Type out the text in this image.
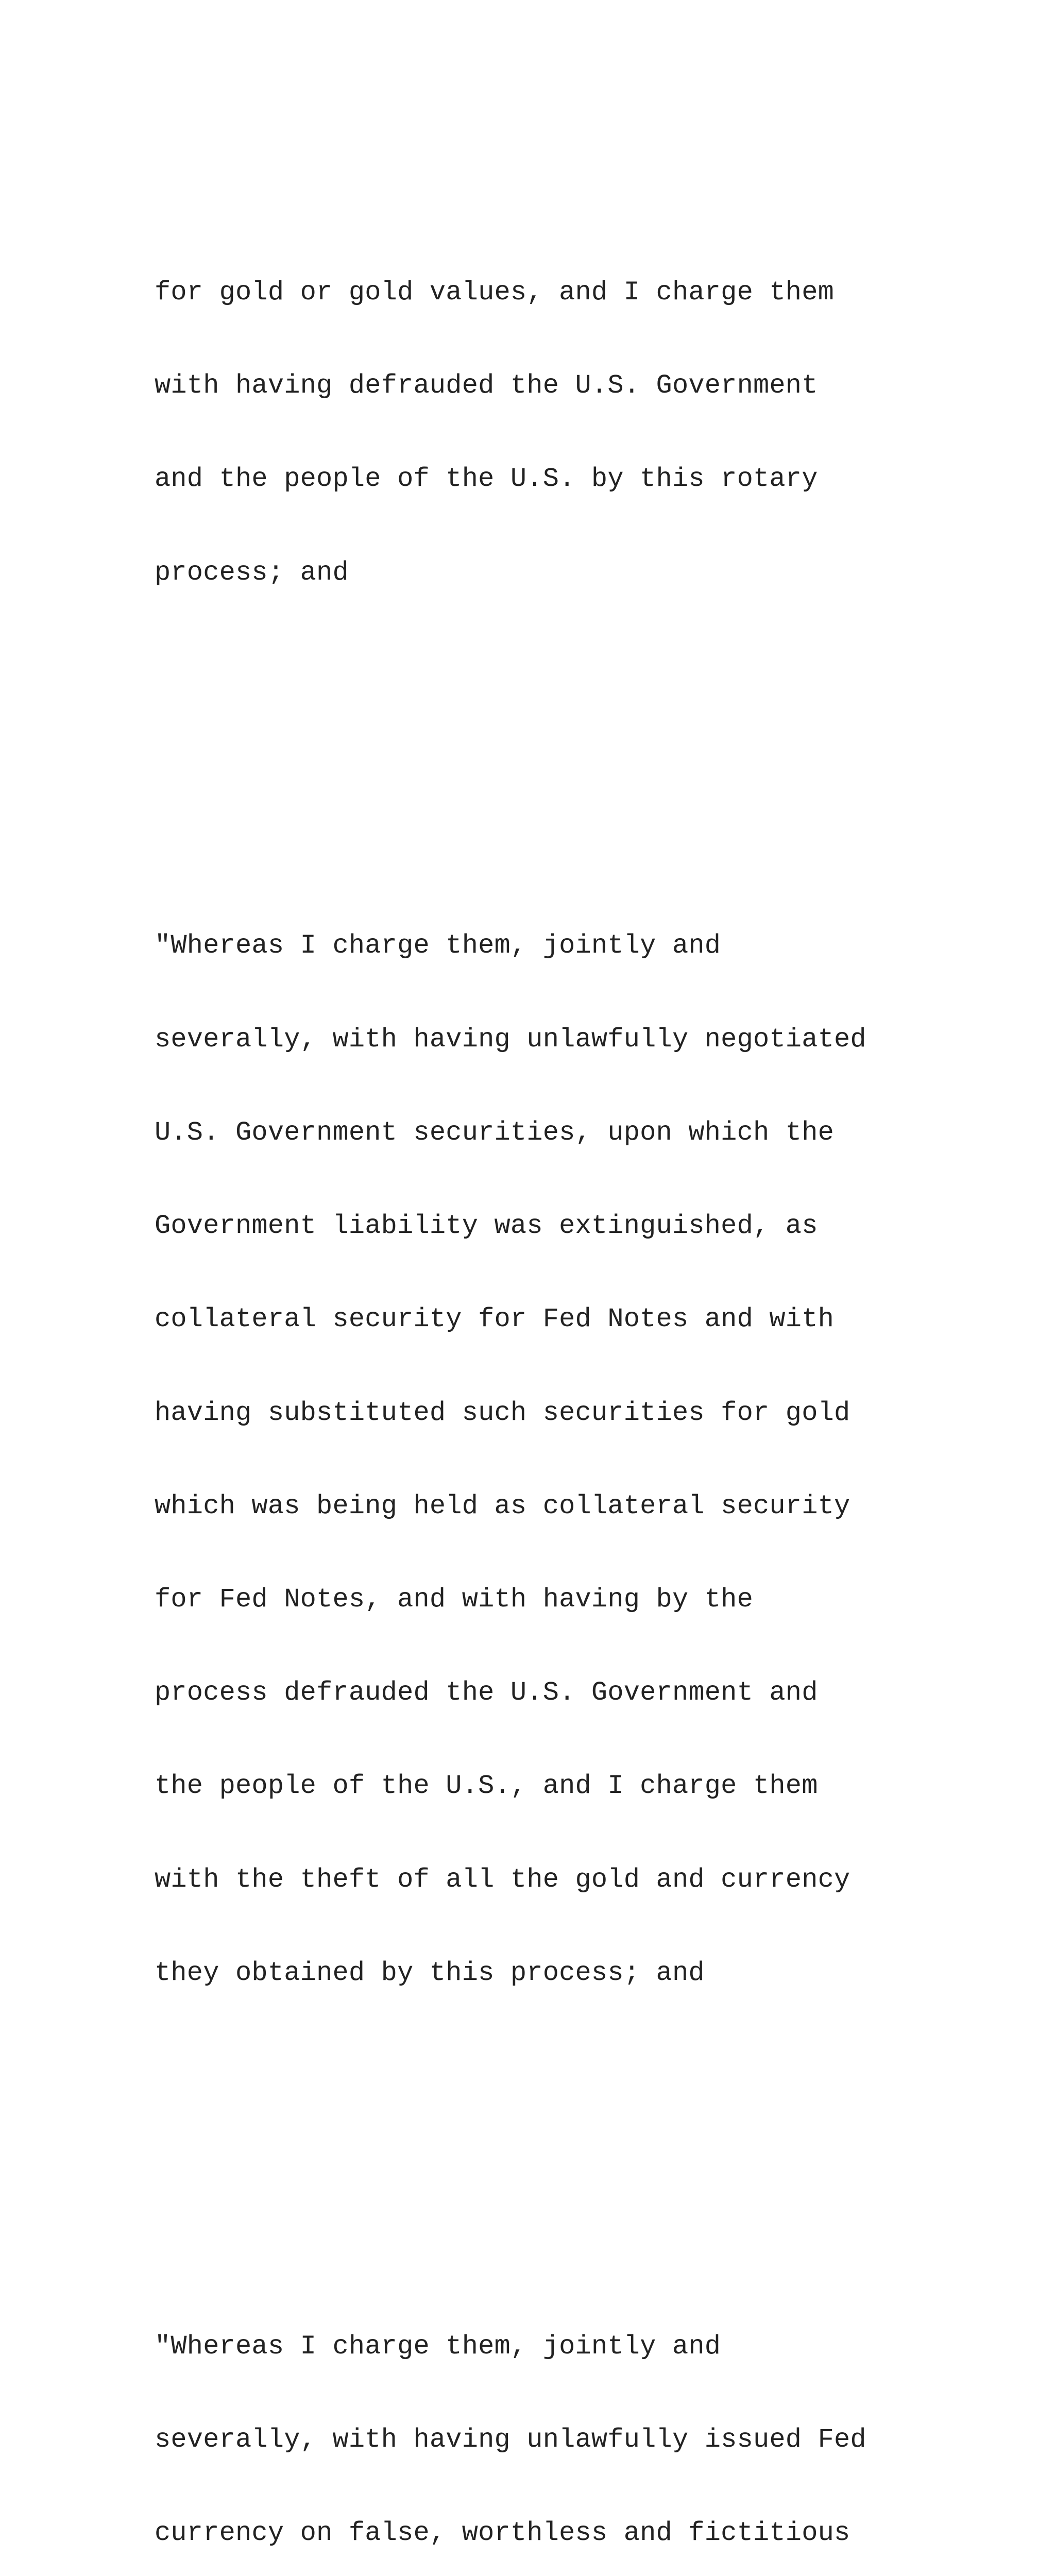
for gold or gold values, and I charge them

with having defrauded the U.S. Government

and the people of the U.S. by this rotary

process; and

"Whereas I charge them, jointly and

severally, with having unlawfully negotiated

U.S. Government securities, upon which the

Government liability was extinguished, as

collateral security for Fed Notes and with

having substituted such securities for gold

which was being held as collateral security

for Fed Notes, and with having by the

process defrauded the U.S. Government and

the people of the U.S., and I charge them

with the theft of all the gold and currency

they obtained by this process; and

"Whereas I charge them, jointly and

severally, with having unlawfully issued Fed

currency on false, worthless and fictitious
